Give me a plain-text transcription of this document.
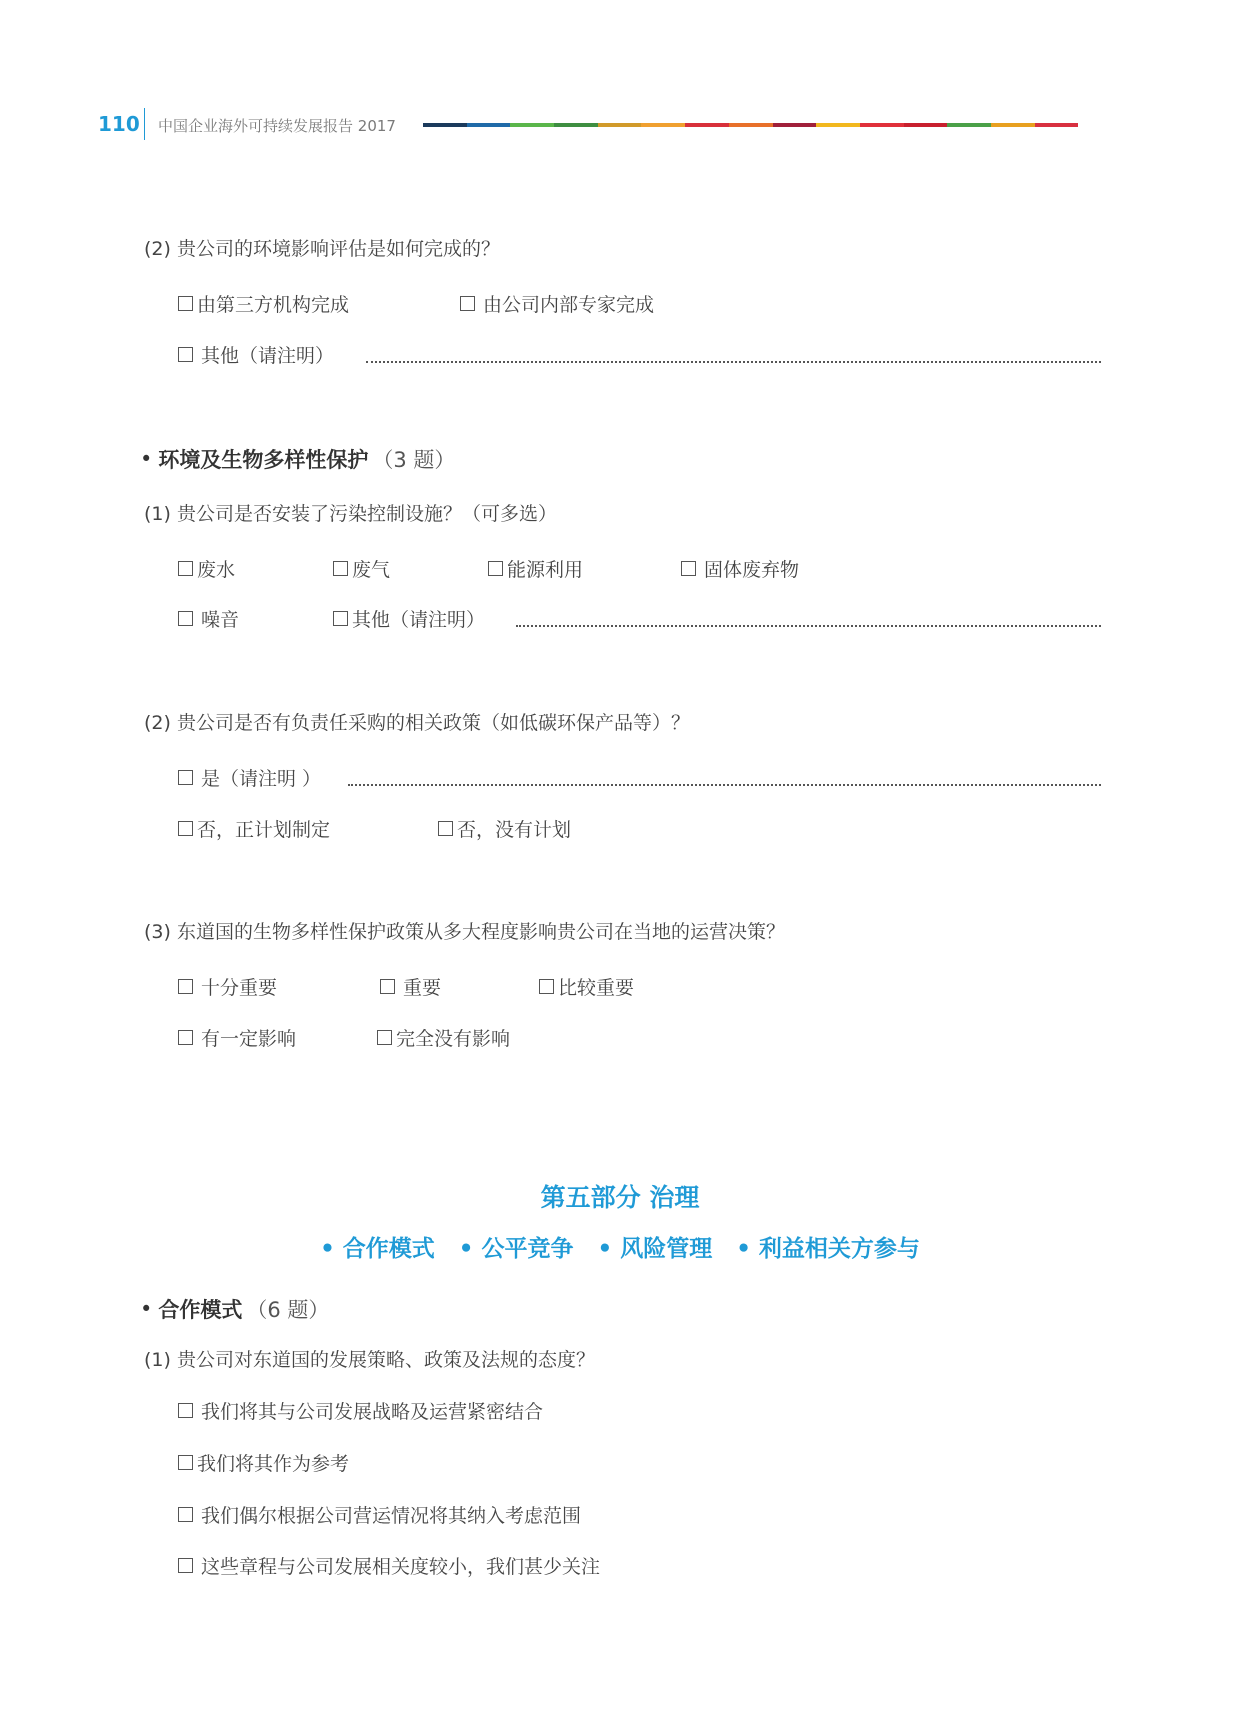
110 中国企业海外可持续发展报告 2017
(2) 贵公司的环境影响评估是如何完成的？
由第三方机构完成	由公司内部专家完成
其他（请注明）
• 环境及生物多样性保护 （3 题）
(1) 贵公司是否安装了污染控制设施？（可多选）
废水	废气	能源利用	固体废弃物
噪音	其他（请注明）
(2) 贵公司是否有负责任采购的相关政策（如低碳环保产品等）？
是（请注明 ）
否，正计划制定	否，没有计划
(3) 东道国的生物多样性保护政策从多大程度影响贵公司在当地的运营决策？
十分重要	重要	比较重要
有一定影响	完全没有影响
第五部分 治理
• 合作模式 • 公平竞争 • 风险管理 • 利益相关方参与
• 合作模式 （6 题）
(1) 贵公司对东道国的发展策略、政策及法规的态度？
我们将其与公司发展战略及运营紧密结合
我们将其作为参考
我们偶尔根据公司营运情况将其纳入考虑范围
这些章程与公司发展相关度较小，我们甚少关注
